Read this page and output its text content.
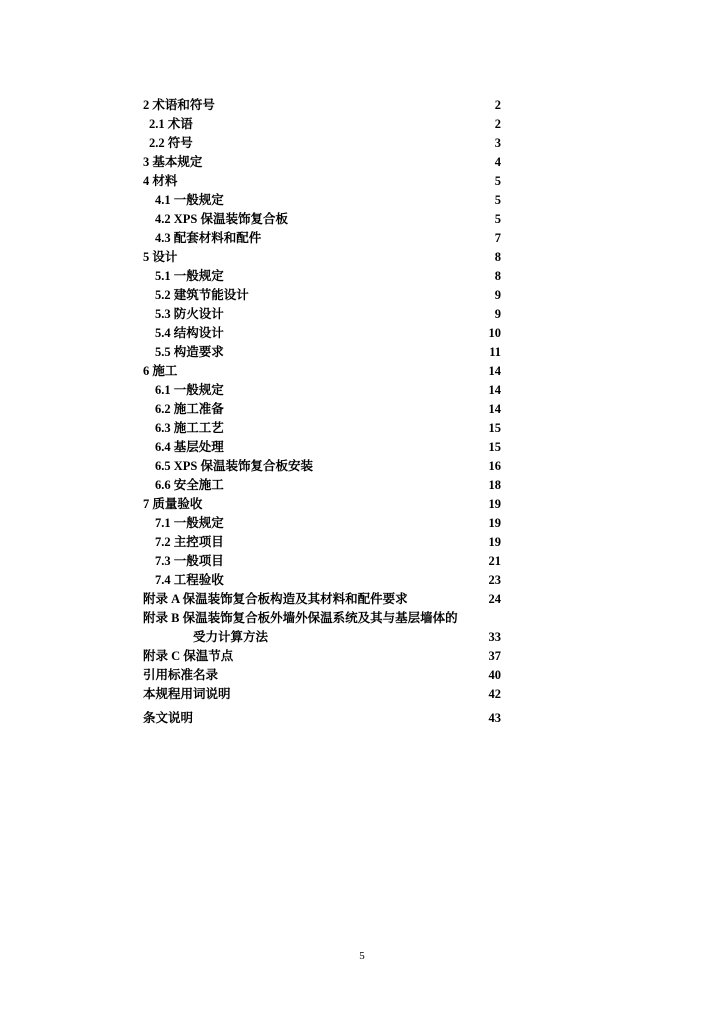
2 术语和符号	2
2.1 术语	2
2.2 符号	3
3 基本规定	4
4 材料	5
4.1 一般规定	5
4.2 XPS 保温装饰复合板	5
4.3 配套材料和配件	7
5 设计	8
5.1 一般规定	8
5.2 建筑节能设计	9
5.3 防火设计	9
5.4 结构设计	10
5.5 构造要求	11
6 施工	14
6.1 一般规定	14
6.2 施工准备	14
6.3 施工工艺	15
6.4 基层处理	15
6.5 XPS 保温装饰复合板安装	16
6.6 安全施工	18
7 质量验收	19
7.1 一般规定	19
7.2 主控项目	19
7.3 一般项目	21
7.4 工程验收	23
附录 A 保温装饰复合板构造及其材料和配件要求	24
附录 B 保温装饰复合板外墙外保温系统及其与基层墙体的
受力计算方法	33
附录 C 保温节点	37
引用标准名录	40
本规程用词说明	42
条文说明	43
5
